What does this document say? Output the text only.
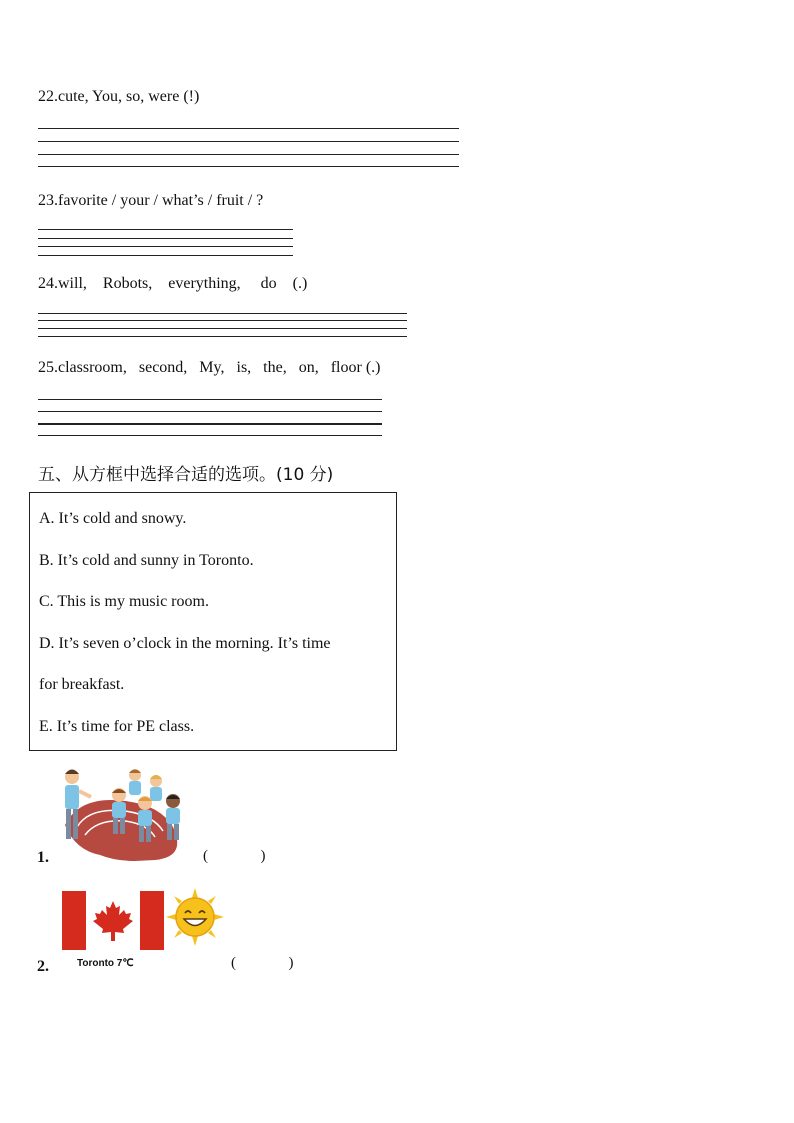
22.cute, You, so, were (!)
23.favorite / your / what’s / fruit / ?
24.will,    Robots,    everything,     do    (.)
25.classroom,   second,   My,   is,   the,   on,   floor (.)
五、从方框中选择合适的选项。(10 分)
A. It’s cold and snowy.
B. It’s cold and sunny in Toronto.
C. This is my music room.
D. It’s seven o’clock in the morning. It’s time
for breakfast.
E. It’s time for PE class.
1.	(              )
2.	Toronto 7℃	(              )
